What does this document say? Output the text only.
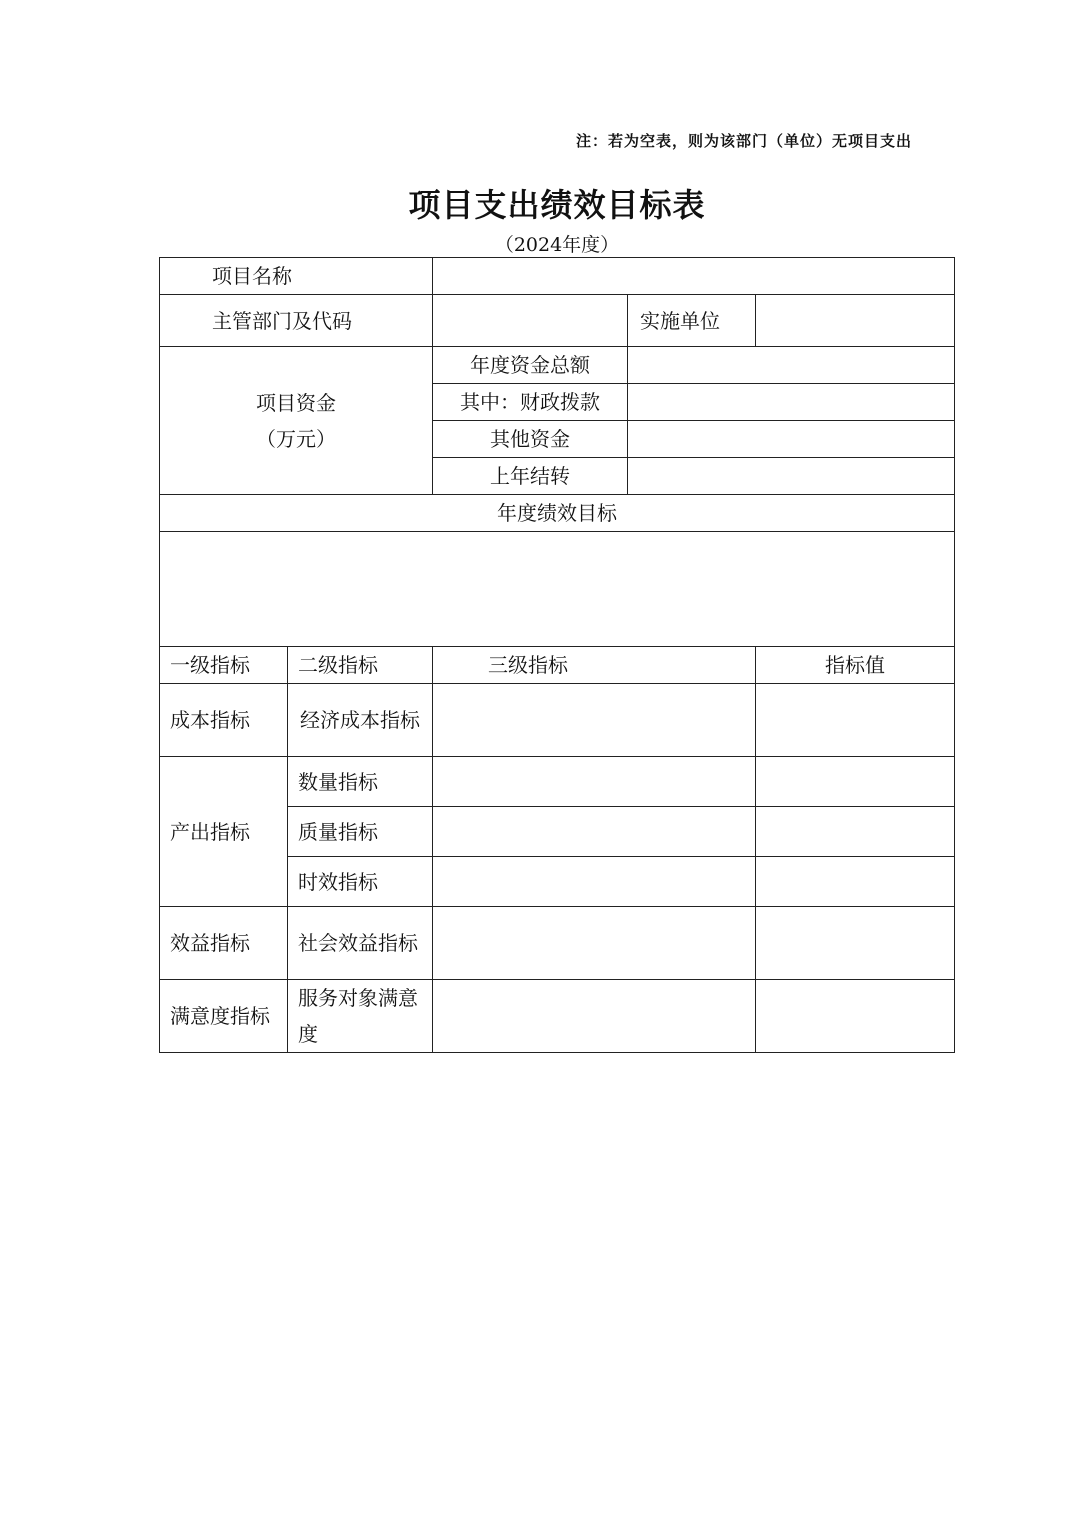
注：若为空表，则为该部门（单位）无项目支出
项目支出绩效目标表
（2024年度）
项目名称				
主管部门及代码			实施单位	

项目资金
（万元）		年度资金总额		
		其中：财政拨款		
		其他资金		
		上年结转		
年度绩效目标				

一级指标	二级指标	三级指标		指标值
成本指标	经济成本指标			
产出指标	数量指标			
	质量指标			
	时效指标			
效益指标	社会效益指标			
满意度指标	服务对象满意度			
